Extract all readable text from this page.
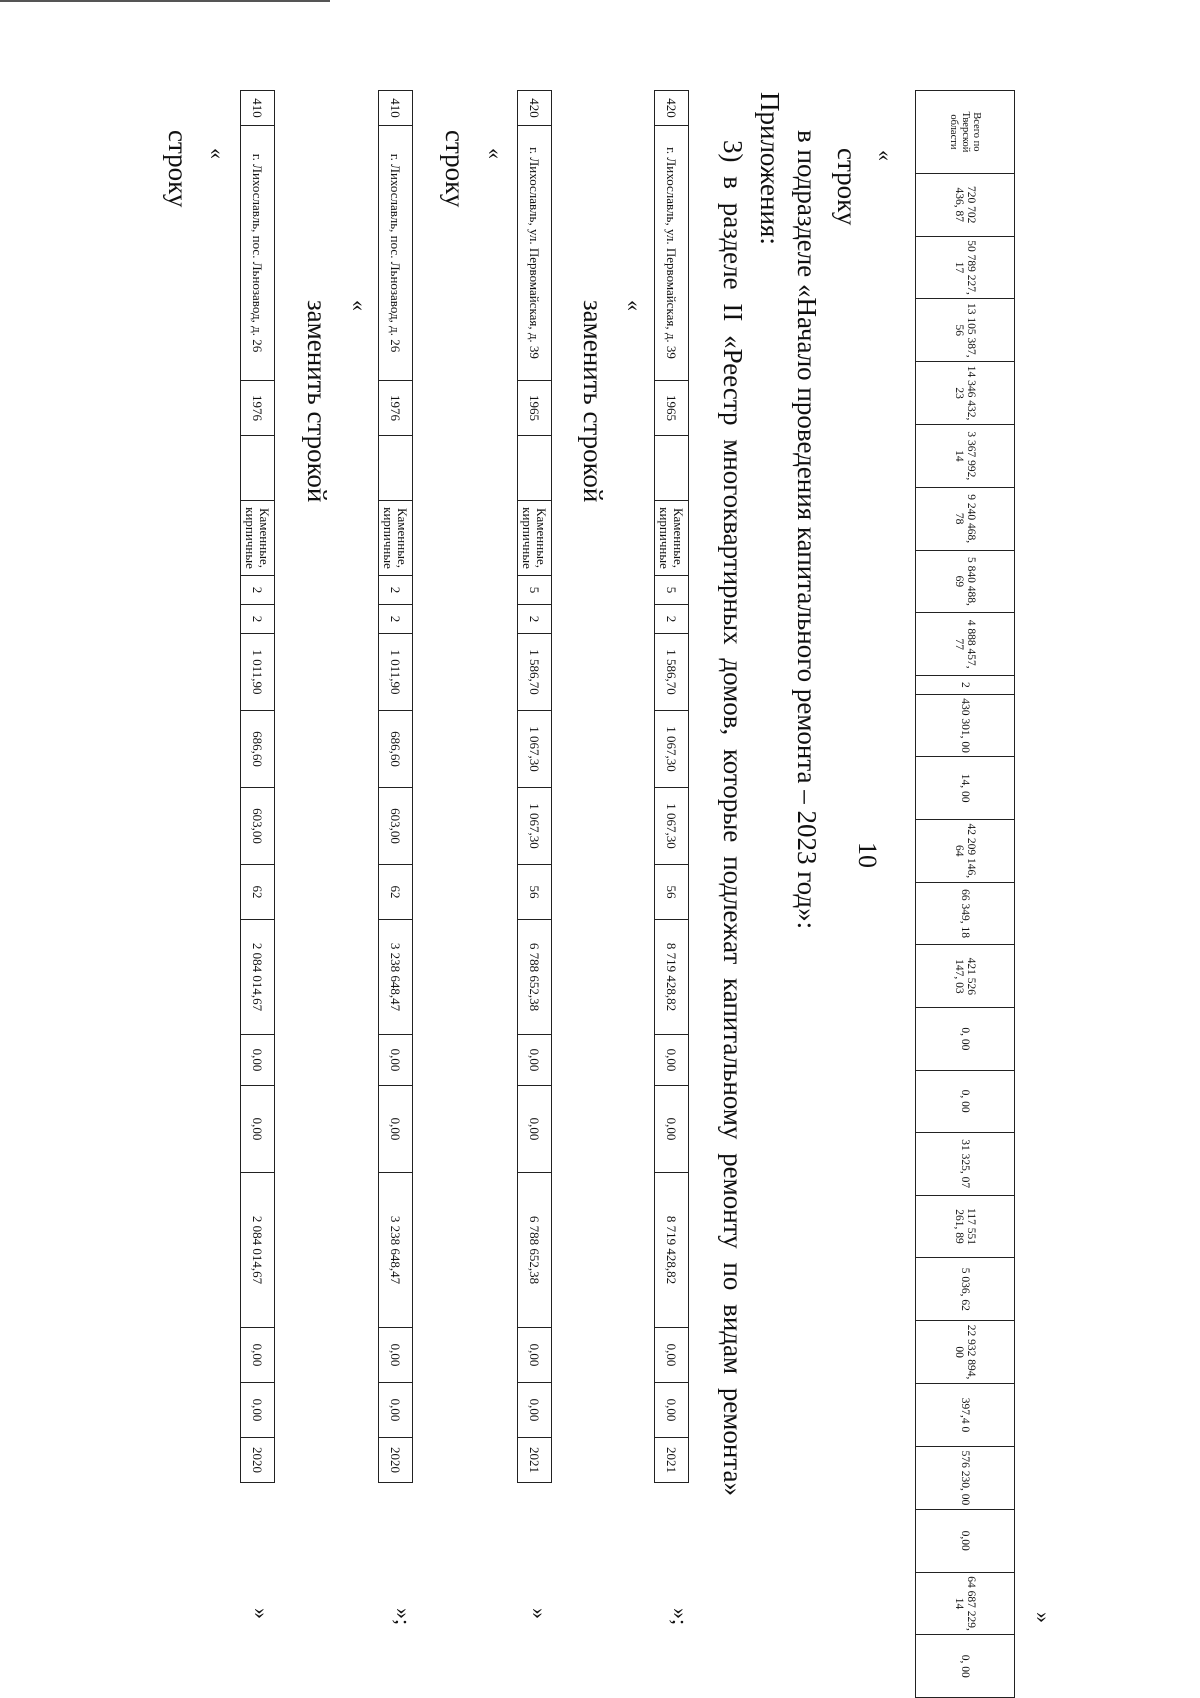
10
строку «
410	г. Лихославль, пос. Льнозавод, д. 26	1976		Каменные, кирпичные	2	2	1 011,90	686,60	603,00	62	2 084 014,67	0,00	0,00	2 084 014,67	0,00	0,00	2020
»
заменить строкой «
410	г. Лихославль, пос. Льнозавод, д. 26	1976		Каменные, кирпичные	2	2	1 011,90	686,60	603,00	62	3 238 648,47	0,00	0,00	3 238 648,47	0,00	0,00	2020
»;
строку «
420	г. Лихославль, ул. Первомайская, д. 39	1965		Каменные, кирпичные	5	2	1 586,70	1 067,30	1 067,30	56	6 788 652,38	0,00	0,00	6 788 652,38	0,00	0,00	2021
»
заменить строкой «
420	г. Лихославль, ул. Первомайская, д. 39	1965		Каменные, кирпичные	5	2	1 586,70	1 067,30	1 067,30	56	8 719 428,82	0,00	0,00	8 719 428,82	0,00	0,00	2021
»;
3) в разделе II «Реестр многоквартирных домов, которые подлежат капитальному ремонту по видам ремонта» Приложения: в подразделе «Начало проведения капитального ремонта – 2023 год»: строку «
Всего по Тверской области	720 702 436, 87	50 789 227, 17	13 105 387, 56	14 346 432, 23	3 367 992, 14	9 240 468, 78	5 840 488, 69	4 888 457, 77	2	430 301, 00	14, 00	42 209 146, 64	66 349, 18	421 526 147, 03	0, 00	0, 00	31 325, 07	117 551 261, 89	5 036, 62	22 932 894, 00	397,4 0	576 230, 00	0,00	64 687 229, 14	0, 00
»
